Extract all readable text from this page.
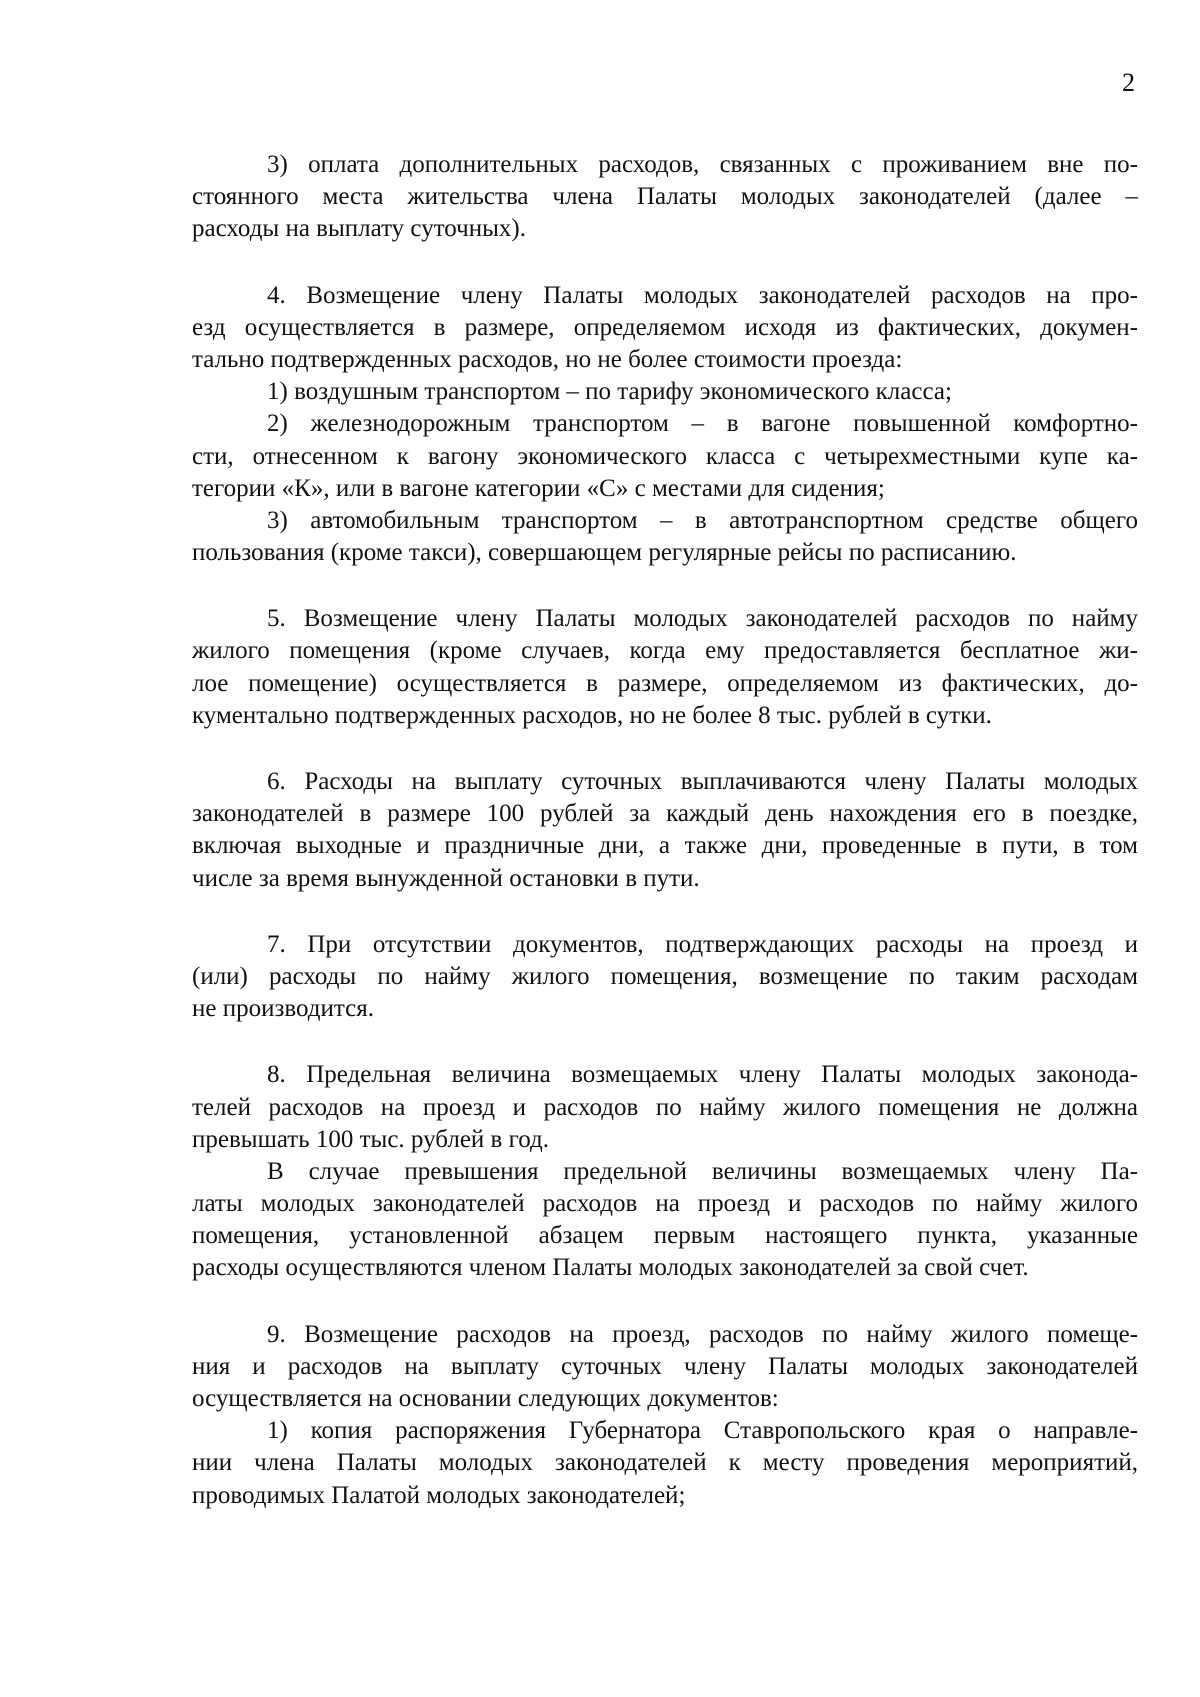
2
3) оплата дополнительных расходов, связанных с проживанием вне по-
стоянного места жительства члена Палаты молодых законодателей (далее –
расходы на выплату суточных).
4. Возмещение члену Палаты молодых законодателей расходов на про-
езд осуществляется в размере, определяемом исходя из фактических, докумен-
тально подтвержденных расходов, но не более стоимости проезда:
1) воздушным транспортом – по тарифу экономического класса;
2) железнодорожным транспортом – в вагоне повышенной комфортно-
сти, отнесенном к вагону экономического класса с четырехместными купе ка-
тегории «К», или в вагоне категории «С» с местами для сидения;
3) автомобильным транспортом – в автотранспортном средстве общего
пользования (кроме такси), совершающем регулярные рейсы по расписанию.
5. Возмещение члену Палаты молодых законодателей расходов по найму
жилого помещения (кроме случаев, когда ему предоставляется бесплатное жи-
лое помещение) осуществляется в размере, определяемом из фактических, до-
кументально подтвержденных расходов, но не более 8 тыс. рублей в сутки.
6. Расходы на выплату суточных выплачиваются члену Палаты молодых
законодателей в размере 100 рублей за каждый день нахождения его в поездке,
включая выходные и праздничные дни, а также дни, проведенные в пути, в том
числе за время вынужденной остановки в пути.
7. При отсутствии документов, подтверждающих расходы на проезд и
(или) расходы по найму жилого помещения, возмещение по таким расходам
не производится.
8. Предельная величина возмещаемых члену Палаты молодых законода-
телей расходов на проезд и расходов по найму жилого помещения не должна
превышать 100 тыс. рублей в год.
В случае превышения предельной величины возмещаемых члену Па-
латы молодых законодателей расходов на проезд и расходов по найму жилого
помещения, установленной абзацем первым настоящего пункта, указанные
расходы осуществляются членом Палаты молодых законодателей за свой счет.
9. Возмещение расходов на проезд, расходов по найму жилого помеще-
ния и расходов на выплату суточных члену Палаты молодых законодателей
осуществляется на основании следующих документов:
1) копия распоряжения Губернатора Ставропольского края о направле-
нии члена Палаты молодых законодателей к месту проведения мероприятий,
проводимых Палатой молодых законодателей;
